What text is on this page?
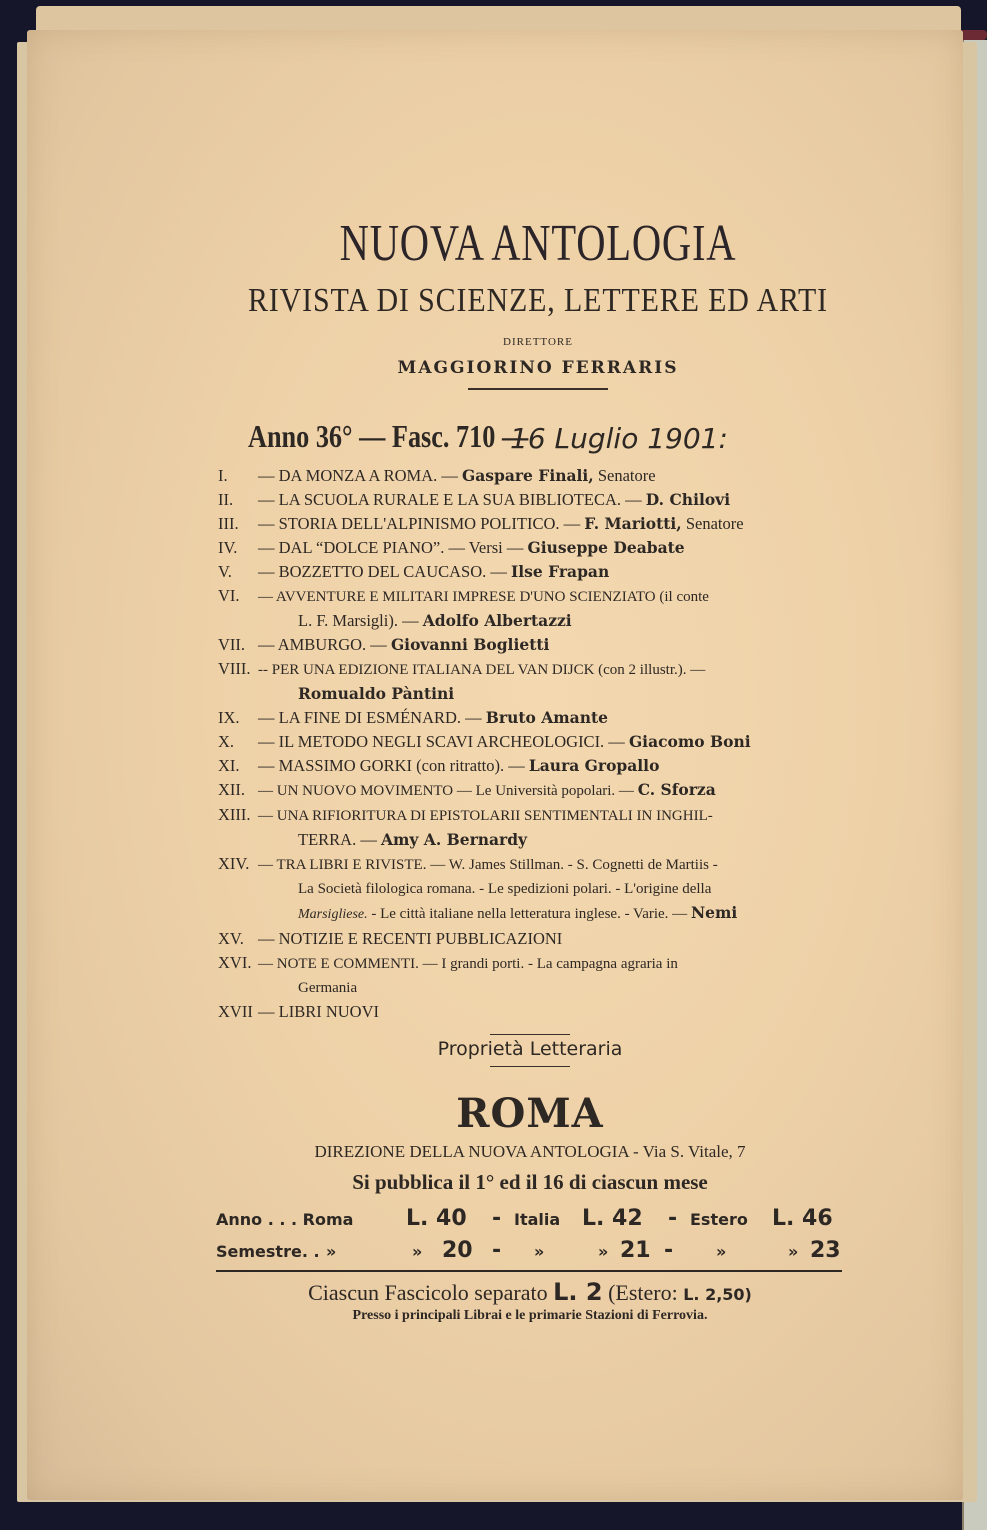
NUOVA ANTOLOGIA
RIVISTA DI SCIENZE, LETTERE ED ARTI
DIRETTORE
MAGGIORINO FERRARIS
Anno 36° — Fasc. 710 —
16 Luglio 1901:
I.	— DA MONZA A ROMA. — Gaspare Finali, Senatore
II.	— LA SCUOLA RURALE E LA SUA BIBLIOTECA. — D. Chilovi
III.	— STORIA DELL'ALPINISMO POLITICO. — F. Mariotti, Senatore
IV.	— DAL “DOLCE PIANO”. — Versi — Giuseppe Deabate
V.	— BOZZETTO DEL CAUCASO. — Ilse Frapan
VI.	— AVVENTURE E MILITARI IMPRESE D'UNO SCIENZIATO (il conte
L. F. Marsigli). — Adolfo Albertazzi
VII. — AMBURGO. — Giovanni Boglietti
VIII. -- PER UNA EDIZIONE ITALIANA DEL VAN DIJCK (con 2 illustr.). —
Romualdo Pàntini
IX.	— LA FINE DI ESMÉNARD. — Bruto Amante
X.	— IL METODO NEGLI SCAVI ARCHEOLOGICI. — Giacomo Boni
XI.	— MASSIMO GORKI (con ritratto). — Laura Gropallo
XII. — UN NUOVO MOVIMENTO — Le Università popolari. — C. Sforza
XIII. — UNA RIFIORITURA DI EPISTOLARII SENTIMENTALI IN INGHIL-
TERRA. — Amy A. Bernardy
XIV. — TRA LIBRI E RIVISTE. — W. James Stillman. - S. Cognetti de Martiis -
La Società filologica romana. - Le spedizioni polari. - L'origine della
Marsigliese. - Le città italiane nella letteratura inglese. - Varie. — Nemi
XV. — NOTIZIE E RECENTI PUBBLICAZIONI
XVI. — NOTE E COMMENTI. — I grandi porti. - La campagna agraria in
Germania
XVII — LIBRI NUOVI
Proprietà Letteraria
ROMA
DIREZIONE DELLA NUOVA ANTOLOGIA - Via S. Vitale, 7
Si pubblica il 1° ed il 16 di ciascun mese
Anno . . . Roma L. 40 - Italia L. 42 - Estero L. 46
Semestre. . »	» 20 - »	» 21 -	»	» 23
Ciascun Fascicolo separato L. 2 (Estero: L. 2,50)
Presso i principali Librai e le primarie Stazioni di Ferrovia.
